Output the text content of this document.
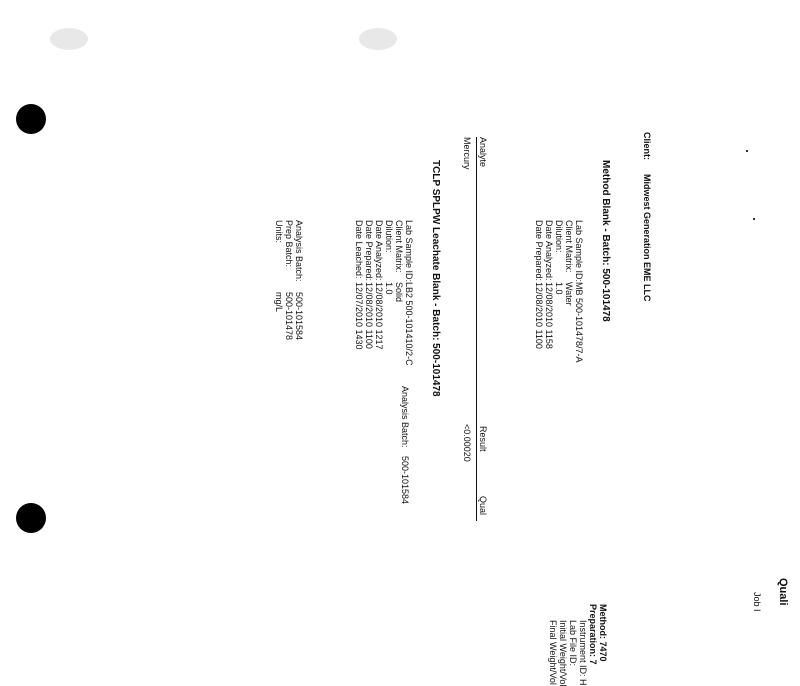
Quali
Job I
Client:
Midwest Generation EME LLC
Method Blank - Batch: 500-101478
Lab Sample ID:
MB 500-101478/7-A
Client Matrix:
Water
Dilution:
1.0
Date Analyzed:
12/08/2010 1158
Date Prepared:
12/08/2010 1100
Analysis Batch:
500-101584
Prep Batch:
500-101478
Units:
mg/L
Method: 7470
Preparation: 7
Instrument ID: H
Lab File ID:
Initial Weight/Vol
Final Weight/Vol
Analyte
Result
Qual
Mercury
<0.00020
TCLP SPLPW Leachate Blank - Batch: 500-101478
Lab Sample ID:
LB2 500-101410/2-C
Client Matrix:
Solid
Dilution:
1.0
Date Analyzed:
12/08/2010 1217
Date Prepared:
12/08/2010 1100
Date Leached:
12/07/2010 1430
Analysis Batch:
500-101584
